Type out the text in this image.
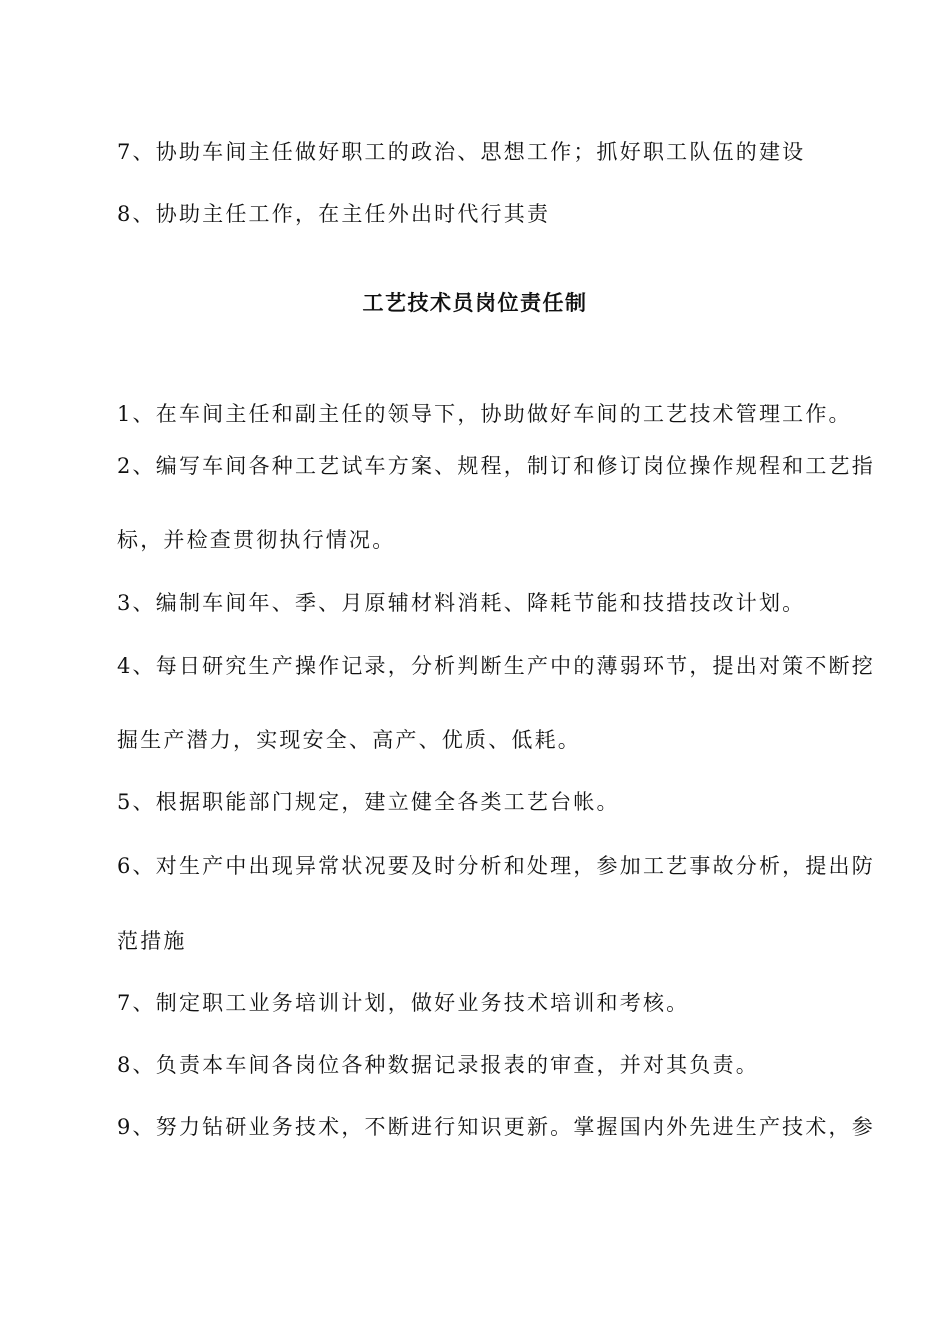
7、协助车间主任做好职工的政治、思想工作；抓好职工队伍的建设
8、协助主任工作，在主任外出时代行其责
工艺技术员岗位责任制
1、在车间主任和副主任的领导下，协助做好车间的工艺技术管理工作。
2、编写车间各种工艺试车方案、规程，制订和修订岗位操作规程和工艺指
标，并检查贯彻执行情况。
3、编制车间年、季、月原辅材料消耗、降耗节能和技措技改计划。
4、每日研究生产操作记录，分析判断生产中的薄弱环节，提出对策不断挖
掘生产潜力，实现安全、高产、优质、低耗。
5、根据职能部门规定，建立健全各类工艺台帐。
6、对生产中出现异常状况要及时分析和处理，参加工艺事故分析，提出防
范措施
7、制定职工业务培训计划，做好业务技术培训和考核。
8、负责本车间各岗位各种数据记录报表的审查，并对其负责。
9、努力钻研业务技术，不断进行知识更新。掌握国内外先进生产技术，参
